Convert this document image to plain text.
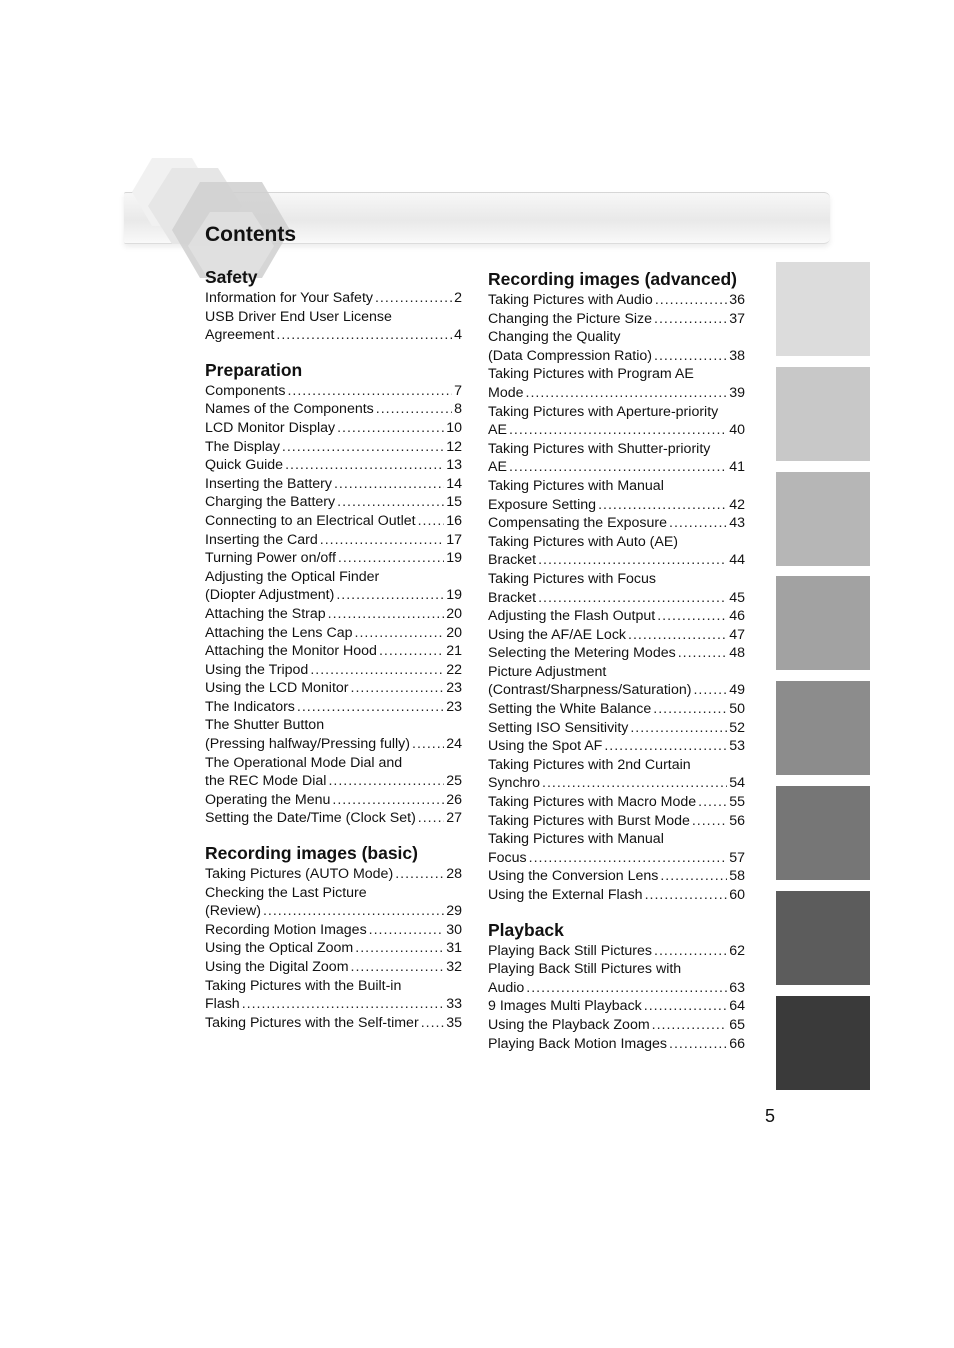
Contents
Safety
Information for Your Safety .....	2
USB Driver End User License
Agreement .....	4
Preparation
Components .....	7
Names of the Components .....	8
LCD Monitor Display .....	10
The Display .....	12
Quick Guide .....	13
Inserting the Battery .....	14
Charging the Battery .....	15
Connecting to an Electrical Outlet ..... 16
Inserting the Card .....	17
Turning Power on/off .....	19
Adjusting the Optical Finder
(Diopter Adjustment) .....	19
Attaching the Strap .....	20
Attaching the Lens Cap .....	20
Attaching the Monitor Hood .....	21
Using the Tripod .....	22
Using the LCD Monitor .....	23
The Indicators .....	23
The Shutter Button
(Pressing halfway/Pressing fully) .....	24
The Operational Mode Dial and
the REC Mode Dial .....	25
Operating the Menu .....	26
Setting the Date/Time (Clock Set) ..... 27
Recording images (basic)
Taking Pictures (AUTO Mode) .....	28
Checking the Last Picture
(Review) .....	29
Recording Motion Images .....	30
Using the Optical Zoom .....	31
Using the Digital Zoom .....	32
Taking Pictures with the Built-in
Flash .....	33
Taking Pictures with the Self-timer ..... 35
Recording images (advanced)
Taking Pictures with Audio .....	36
Changing the Picture Size .....	37
Changing the Quality
(Data Compression Ratio) .....	38
Taking Pictures with Program AE
Mode .....	39
Taking Pictures with Aperture-priority
AE .....	40
Taking Pictures with Shutter-priority
AE .....	41
Taking Pictures with Manual
Exposure Setting .....	42
Compensating the Exposure .....	43
Taking Pictures with Auto (AE)
Bracket .....	44
Taking Pictures with Focus
Bracket .....	45
Adjusting the Flash Output .....	46
Using the AF/AE Lock .....	47
Selecting the Metering Modes .....	48
Picture Adjustment
(Contrast/Sharpness/Saturation) .....	49
Setting the White Balance .....	50
Setting ISO Sensitivity .....	52
Using the Spot AF .....	53
Taking Pictures with 2nd Curtain
Synchro .....	54
Taking Pictures with Macro Mode ..... 55
Taking Pictures with Burst Mode .....	56
Taking Pictures with Manual
Focus .....	57
Using the Conversion Lens .....	58
Using the External Flash .....	60
Playback
Playing Back Still Pictures .....	62
Playing Back Still Pictures with
Audio .....	63
9 Images Multi Playback .....	64
Using the Playback Zoom .....	65
Playing Back Motion Images .....	66
5
